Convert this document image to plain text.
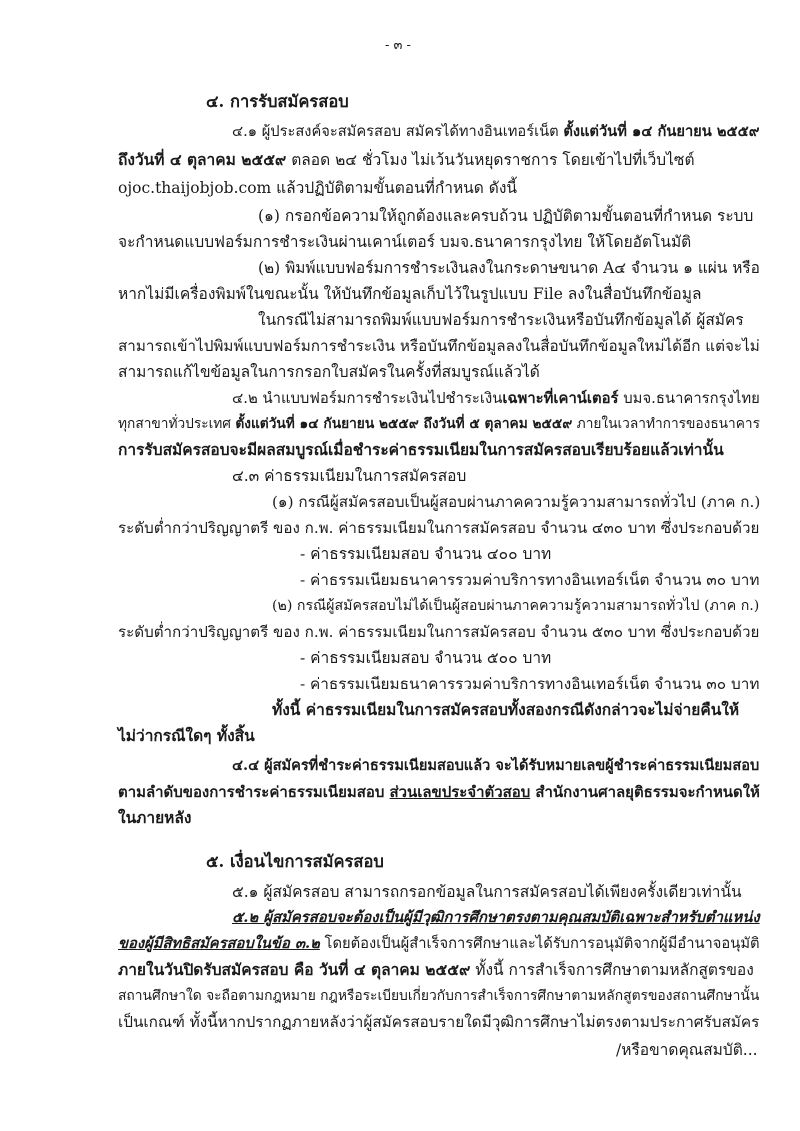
- ๓ -
๔. การรับสมัครสอบ
๔.๑ ผู้ประสงค์จะสมัครสอบ สมัครได้ทางอินเทอร์เน็ต ตั้งแต่วันที่ ๑๔ กันยายน ๒๕๕๙
ถึงวันที่ ๔ ตุลาคม ๒๕๕๙ ตลอด ๒๔ ชั่วโมง ไม่เว้นวันหยุดราชการ โดยเข้าไปที่เว็บไซต์
ojoc.thaijobjob.com แล้วปฏิบัติตามขั้นตอนที่กำหนด ดังนี้
(๑) กรอกข้อความให้ถูกต้องและครบถ้วน ปฏิบัติตามขั้นตอนที่กำหนด ระบบ
จะกำหนดแบบฟอร์มการชำระเงินผ่านเคาน์เตอร์ บมจ.ธนาคารกรุงไทย ให้โดยอัตโนมัติ
(๒) พิมพ์แบบฟอร์มการชำระเงินลงในกระดาษขนาด A๔ จำนวน ๑ แผ่น หรือ
หากไม่มีเครื่องพิมพ์ในขณะนั้น ให้บันทึกข้อมูลเก็บไว้ในรูปแบบ File ลงในสื่อบันทึกข้อมูล
ในกรณีไม่สามารถพิมพ์แบบฟอร์มการชำระเงินหรือบันทึกข้อมูลได้ ผู้สมัคร
สามารถเข้าไปพิมพ์แบบฟอร์มการชำระเงิน หรือบันทึกข้อมูลลงในสื่อบันทึกข้อมูลใหม่ได้อีก แต่จะไม่
สามารถแก้ไขข้อมูลในการกรอกใบสมัครในครั้งที่สมบูรณ์แล้วได้
๔.๒ นำแบบฟอร์มการชำระเงินไปชำระเงินเฉพาะที่เคาน์เตอร์ บมจ.ธนาคารกรุงไทย
ทุกสาขาทั่วประเทศ ตั้งแต่วันที่ ๑๔ กันยายน ๒๕๕๙ ถึงวันที่ ๕ ตุลาคม ๒๕๕๙ ภายในเวลาทำการของธนาคาร
การรับสมัครสอบจะมีผลสมบูรณ์เมื่อชำระค่าธรรมเนียมในการสมัครสอบเรียบร้อยแล้วเท่านั้น
๔.๓ ค่าธรรมเนียมในการสมัครสอบ
(๑) กรณีผู้สมัครสอบเป็นผู้สอบผ่านภาคความรู้ความสามารถทั่วไป (ภาค ก.)
ระดับต่ำกว่าปริญญาตรี ของ ก.พ. ค่าธรรมเนียมในการสมัครสอบ จำนวน ๔๓๐ บาท ซึ่งประกอบด้วย
- ค่าธรรมเนียมสอบ จำนวน ๔๐๐ บาท
- ค่าธรรมเนียมธนาคารรวมค่าบริการทางอินเทอร์เน็ต จำนวน ๓๐ บาท
(๒) กรณีผู้สมัครสอบไม่ได้เป็นผู้สอบผ่านภาคความรู้ความสามารถทั่วไป (ภาค ก.)
ระดับต่ำกว่าปริญญาตรี ของ ก.พ. ค่าธรรมเนียมในการสมัครสอบ จำนวน ๕๓๐ บาท ซึ่งประกอบด้วย
- ค่าธรรมเนียมสอบ จำนวน ๕๐๐ บาท
- ค่าธรรมเนียมธนาคารรวมค่าบริการทางอินเทอร์เน็ต จำนวน ๓๐ บาท
ทั้งนี้ ค่าธรรมเนียมในการสมัครสอบทั้งสองกรณีดังกล่าวจะไม่จ่ายคืนให้
ไม่ว่ากรณีใดๆ ทั้งสิ้น
๔.๔ ผู้สมัครที่ชำระค่าธรรมเนียมสอบแล้ว จะได้รับหมายเลขผู้ชำระค่าธรรมเนียมสอบ
ตามลำดับของการชำระค่าธรรมเนียมสอบ ส่วนเลขประจำตัวสอบ สำนักงานศาลยุติธรรมจะกำหนดให้
ในภายหลัง
๕. เงื่อนไขการสมัครสอบ
๕.๑ ผู้สมัครสอบ สามารถกรอกข้อมูลในการสมัครสอบได้เพียงครั้งเดียวเท่านั้น
๕.๒ ผู้สมัครสอบจะต้องเป็นผู้มีวุฒิการศึกษาตรงตามคุณสมบัติเฉพาะสำหรับตำแหน่ง
ของผู้มีสิทธิสมัครสอบในข้อ ๓.๒ โดยต้องเป็นผู้สำเร็จการศึกษาและได้รับการอนุมัติจากผู้มีอำนาจอนุมัติ
ภายในวันปิดรับสมัครสอบ คือ วันที่ ๔ ตุลาคม ๒๕๕๙ ทั้งนี้ การสำเร็จการศึกษาตามหลักสูตรของ
สถานศึกษาใด จะถือตามกฎหมาย กฎหรือระเบียบเกี่ยวกับการสำเร็จการศึกษาตามหลักสูตรของสถานศึกษานั้น
เป็นเกณฑ์ ทั้งนี้หากปรากฏภายหลังว่าผู้สมัครสอบรายใดมีวุฒิการศึกษาไม่ตรงตามประกาศรับสมัคร
/หรือขาดคุณสมบัติ...
